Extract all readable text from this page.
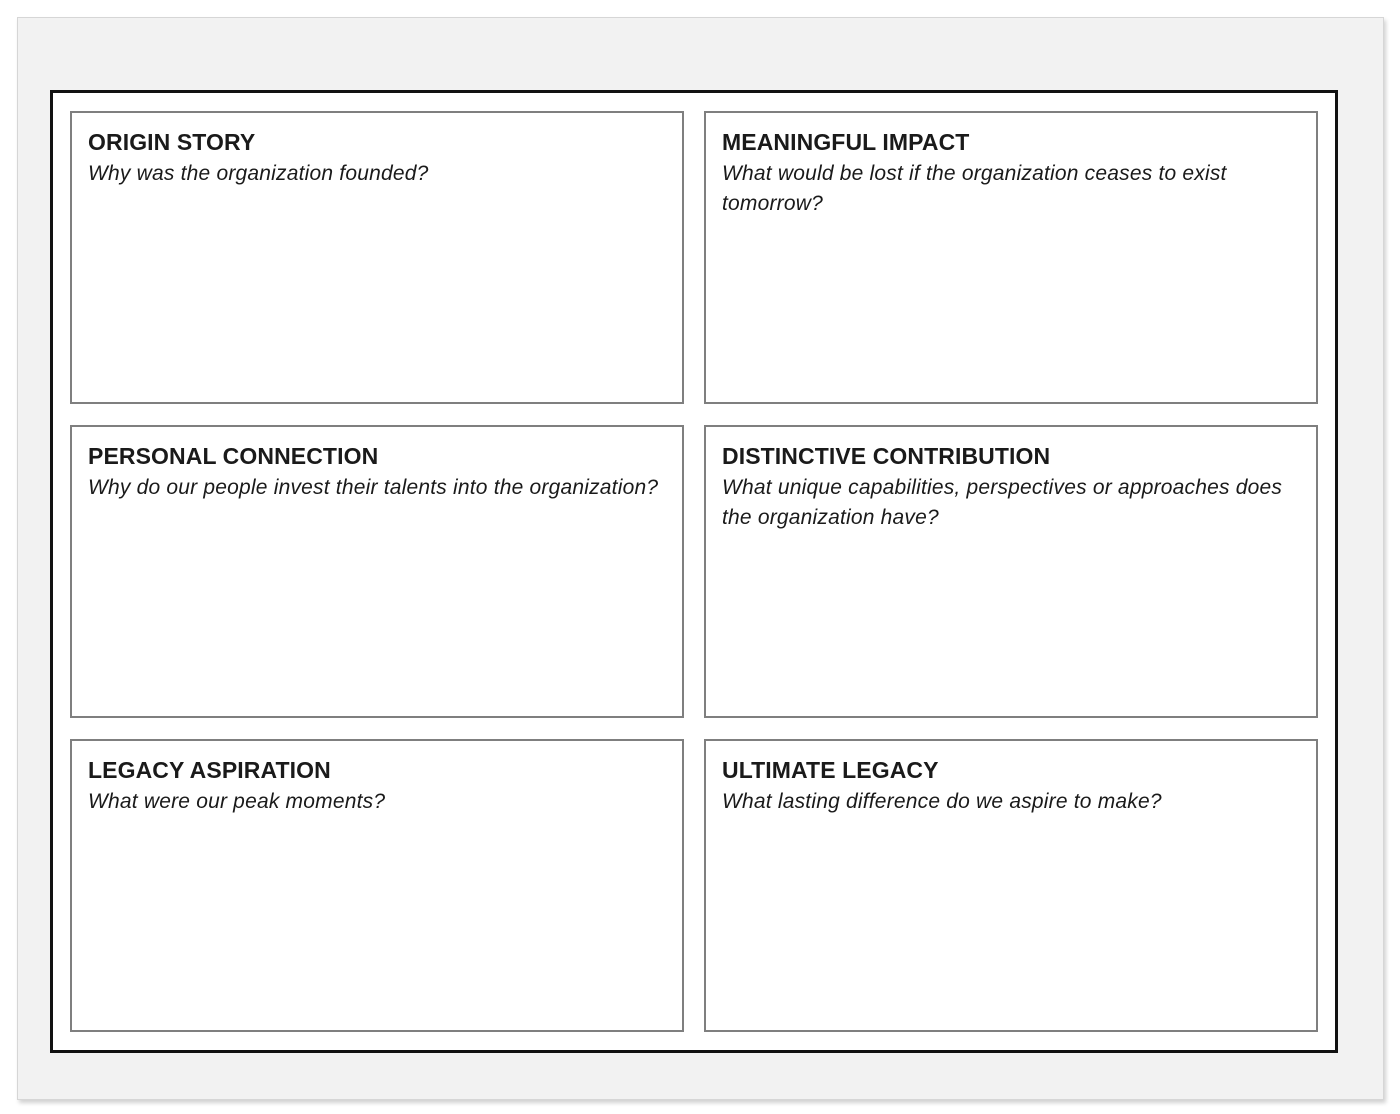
ORIGIN STORY
Why was the organization founded?
MEANINGFUL IMPACT
What would be lost if the organization ceases to exist tomorrow?
PERSONAL CONNECTION
Why do our people invest their talents into the organization?
DISTINCTIVE CONTRIBUTION
What unique capabilities, perspectives or approaches does the organization have?
LEGACY ASPIRATION
What were our peak moments?
ULTIMATE LEGACY
What lasting difference do we aspire to make?
